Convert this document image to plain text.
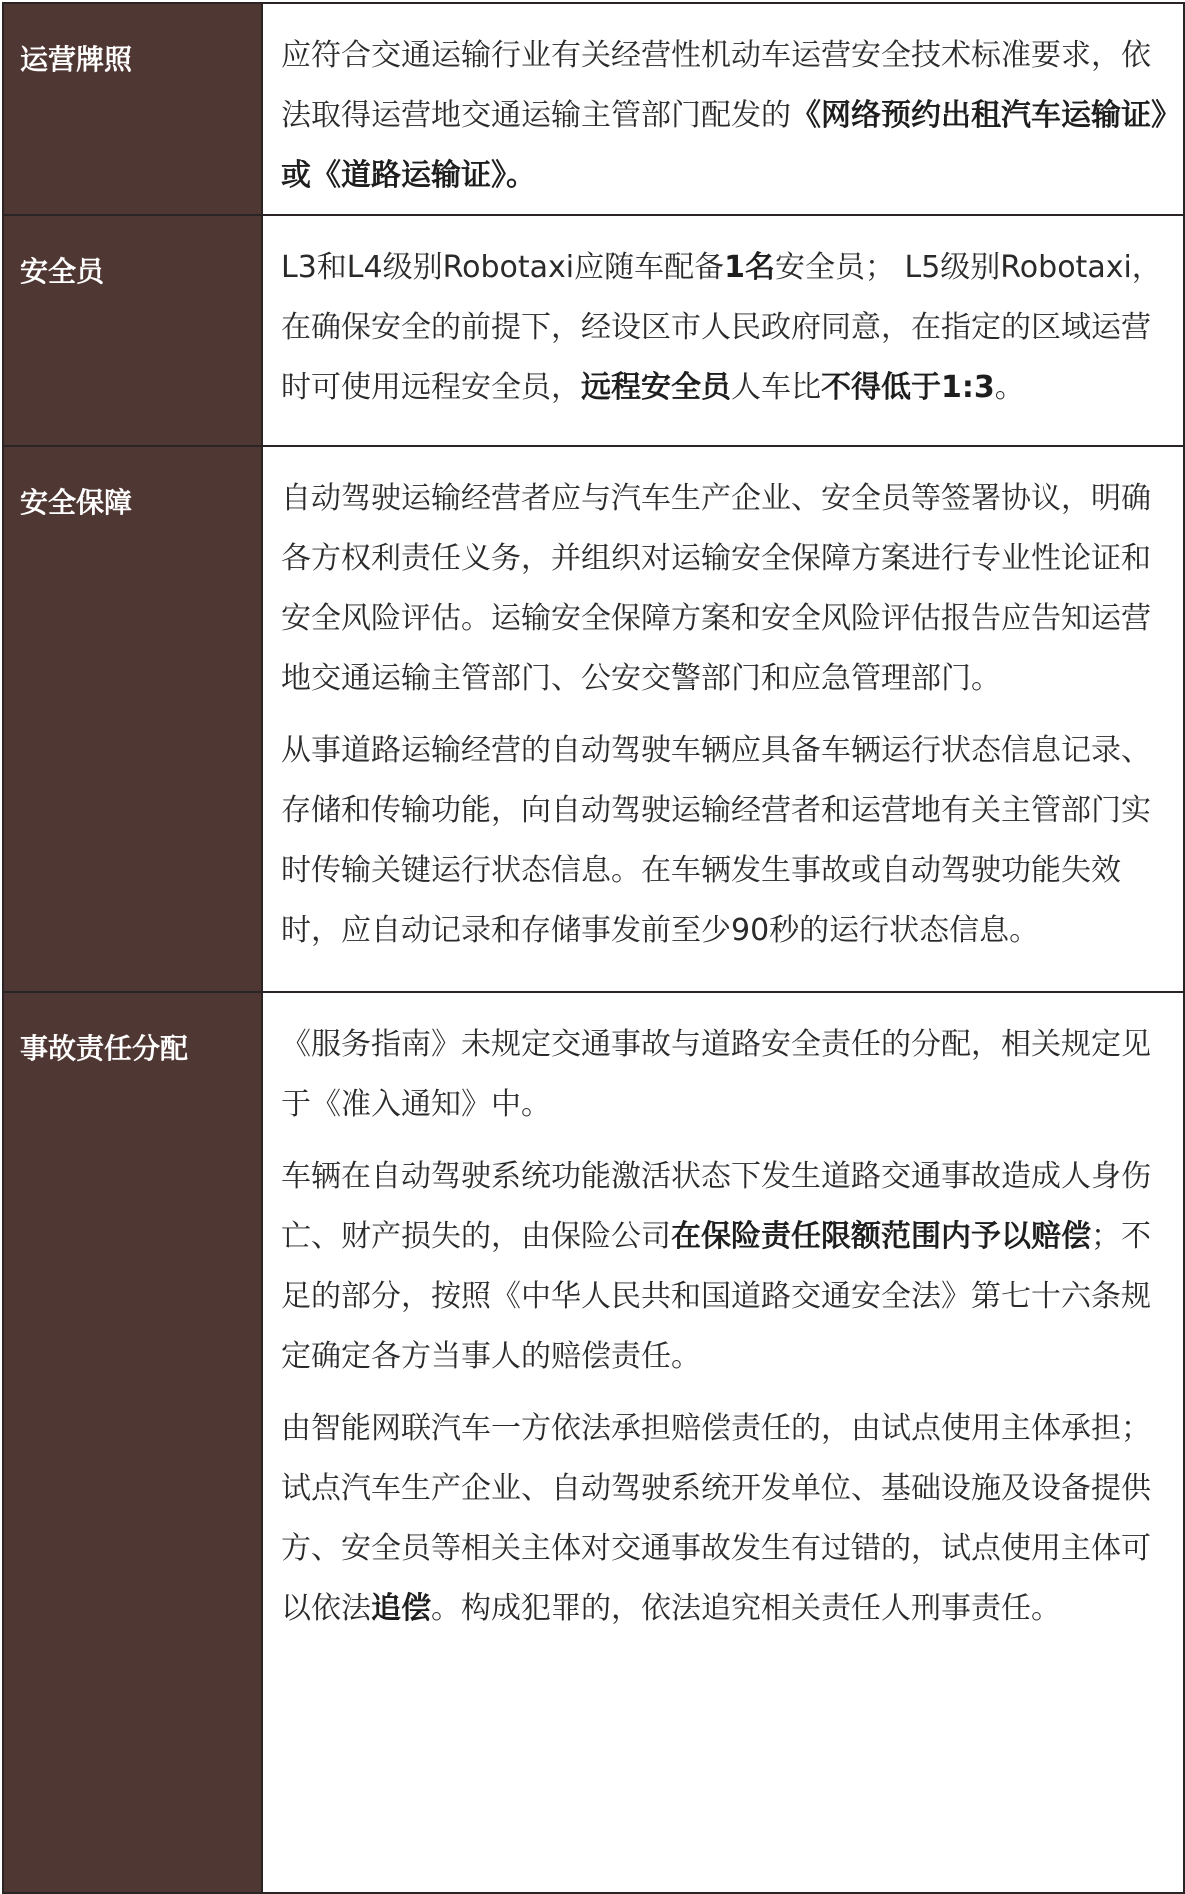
运营牌照	应符合交通运输行业有关经营性机动车运营安全技术标准要求，依法取得运营地交通运输主管部门配发的《网络预约出租汽车运输证》或《道路运输证》。

安全员	L3和L4级别Robotaxi应随车配备1名安全员； L5级别Robotaxi，在确保安全的前提下，经设区市人民政府同意，在指定的区域运营时可使用远程安全员，远程安全员人车比不得低于1:3。

安全保障	自动驾驶运输经营者应与汽车生产企业、安全员等签署协议，明确各方权利责任义务，并组织对运输安全保障方案进行专业性论证和安全风险评估。运输安全保障方案和安全风险评估报告应告知运营地交通运输主管部门、公安交警部门和应急管理部门。

从事道路运输经营的自动驾驶车辆应具备车辆运行状态信息记录、存储和传输功能，向自动驾驶运输经营者和运营地有关主管部门实时传输关键运行状态信息。在车辆发生事故或自动驾驶功能失效时，应自动记录和存储事发前至少90秒的运行状态信息。

事故责任分配	《服务指南》未规定交通事故与道路安全责任的分配，相关规定见于《准入通知》中。

车辆在自动驾驶系统功能激活状态下发生道路交通事故造成人身伤亡、财产损失的，由保险公司在保险责任限额范围内予以赔偿；不足的部分，按照《中华人民共和国道路交通安全法》第七十六条规定确定各方当事人的赔偿责任。

由智能网联汽车一方依法承担赔偿责任的，由试点使用主体承担；试点汽车生产企业、自动驾驶系统开发单位、基础设施及设备提供方、安全员等相关主体对交通事故发生有过错的，试点使用主体可以依法追偿。构成犯罪的，依法追究相关责任人刑事责任。
